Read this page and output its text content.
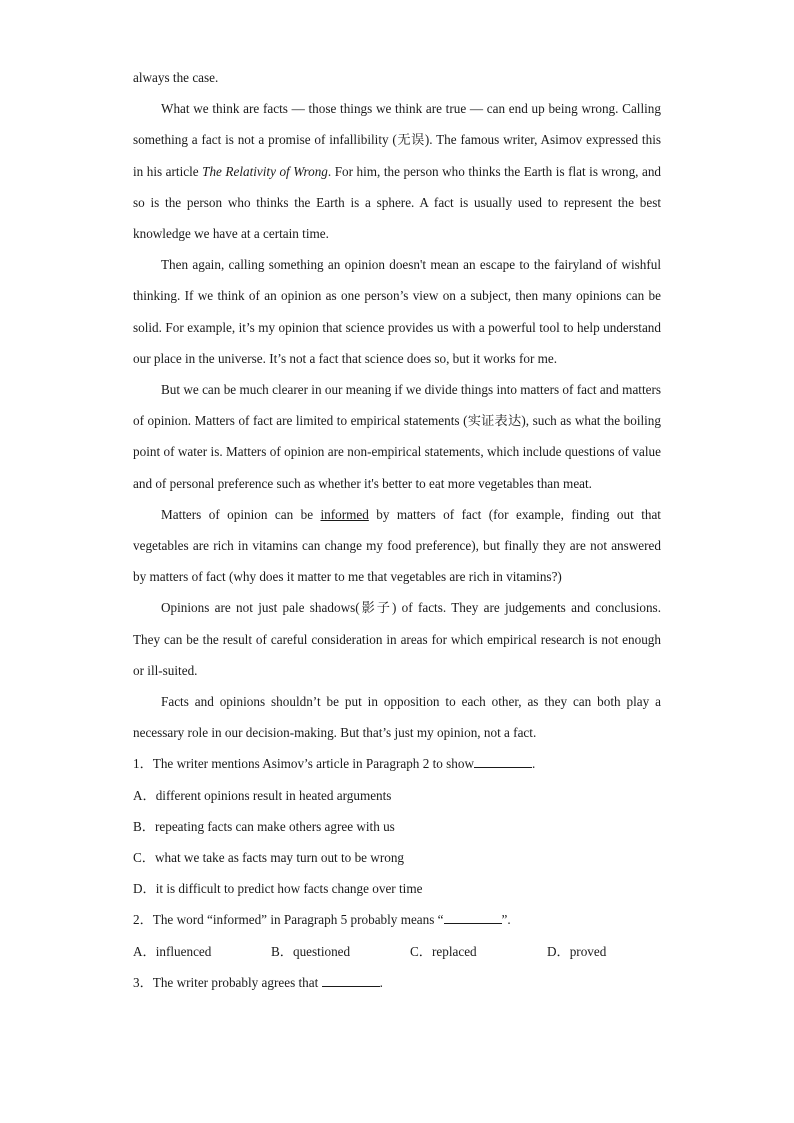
always the case.

What we think are facts — those things we think are true — can end up being wrong. Calling something a fact is not a promise of infallibility (无误). The famous writer, Asimov expressed this in his article The Relativity of Wrong. For him, the person who thinks the Earth is flat is wrong, and so is the person who thinks the Earth is a sphere. A fact is usually used to represent the best knowledge we have at a certain time.

Then again, calling something an opinion doesn't mean an escape to the fairyland of wishful thinking. If we think of an opinion as one person’s view on a subject, then many opinions can be solid. For example, it’s my opinion that science provides us with a powerful tool to help understand our place in the universe. It’s not a fact that science does so, but it works for me.

But we can be much clearer in our meaning if we divide things into matters of fact and matters of opinion. Matters of fact are limited to empirical statements (实证表达), such as what the boiling point of water is. Matters of opinion are non-empirical statements, which include questions of value and of personal preference such as whether it's better to eat more vegetables than meat.

Matters of opinion can be informed by matters of fact (for example, finding out that vegetables are rich in vitamins can change my food preference), but finally they are not answered by matters of fact (why does it matter to me that vegetables are rich in vitamins?)

Opinions are not just pale shadows(影子) of facts. They are judgements and conclusions. They can be the result of careful consideration in areas for which empirical research is not enough or ill-suited.

Facts and opinions shouldn’t be put in opposition to each other, as they can both play a necessary role in our decision-making. But that’s just my opinion, not a fact.

1．The writer mentions Asimov’s article in Paragraph 2 to show	.

A．different opinions result in heated arguments

B．repeating facts can make others agree with us

C．what we take as facts may turn out to be wrong

D．it is difficult to predict how facts change over time

2．The word “informed” in Paragraph 5 probably means “	”.

A．influenced	B．questioned	C．replaced	D．proved

3．The writer probably agrees that	.
